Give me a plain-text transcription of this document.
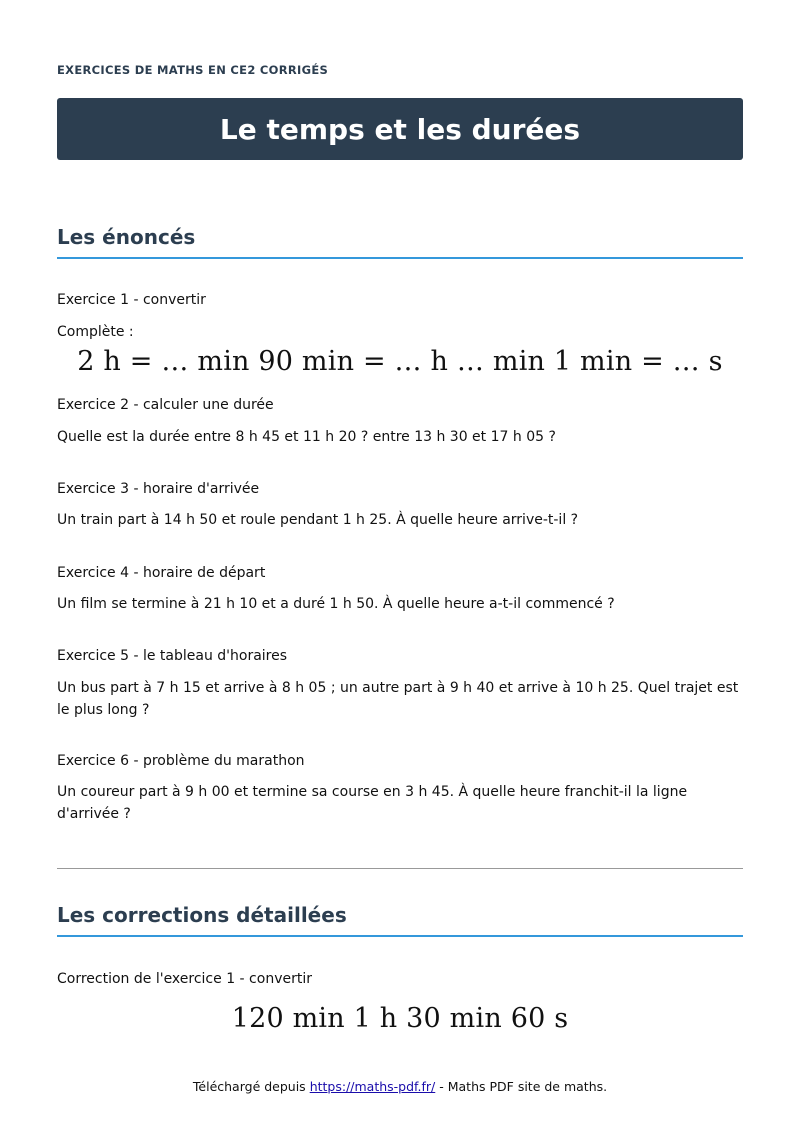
EXERCICES DE MATHS EN CE2 CORRIGÉS
Le temps et les durées
Les énoncés
Exercice 1 - convertir
Complète :
2 h = … min 90 min = … h … min 1 min = … s
Exercice 2 - calculer une durée
Quelle est la durée entre 8 h 45 et 11 h 20 ? entre 13 h 30 et 17 h 05 ?
Exercice 3 - horaire d'arrivée
Un train part à 14 h 50 et roule pendant 1 h 25. À quelle heure arrive-t-il ?
Exercice 4 - horaire de départ
Un film se termine à 21 h 10 et a duré 1 h 50. À quelle heure a-t-il commencé ?
Exercice 5 - le tableau d'horaires
Un bus part à 7 h 15 et arrive à 8 h 05 ; un autre part à 9 h 40 et arrive à 10 h 25. Quel trajet est le plus long ?
Exercice 6 - problème du marathon
Un coureur part à 9 h 00 et termine sa course en 3 h 45. À quelle heure franchit-il la ligne d'arrivée ?
Les corrections détaillées
Correction de l'exercice 1 - convertir
120 min 1 h 30 min 60 s
Téléchargé depuis https://maths-pdf.fr/ - Maths PDF site de maths.
